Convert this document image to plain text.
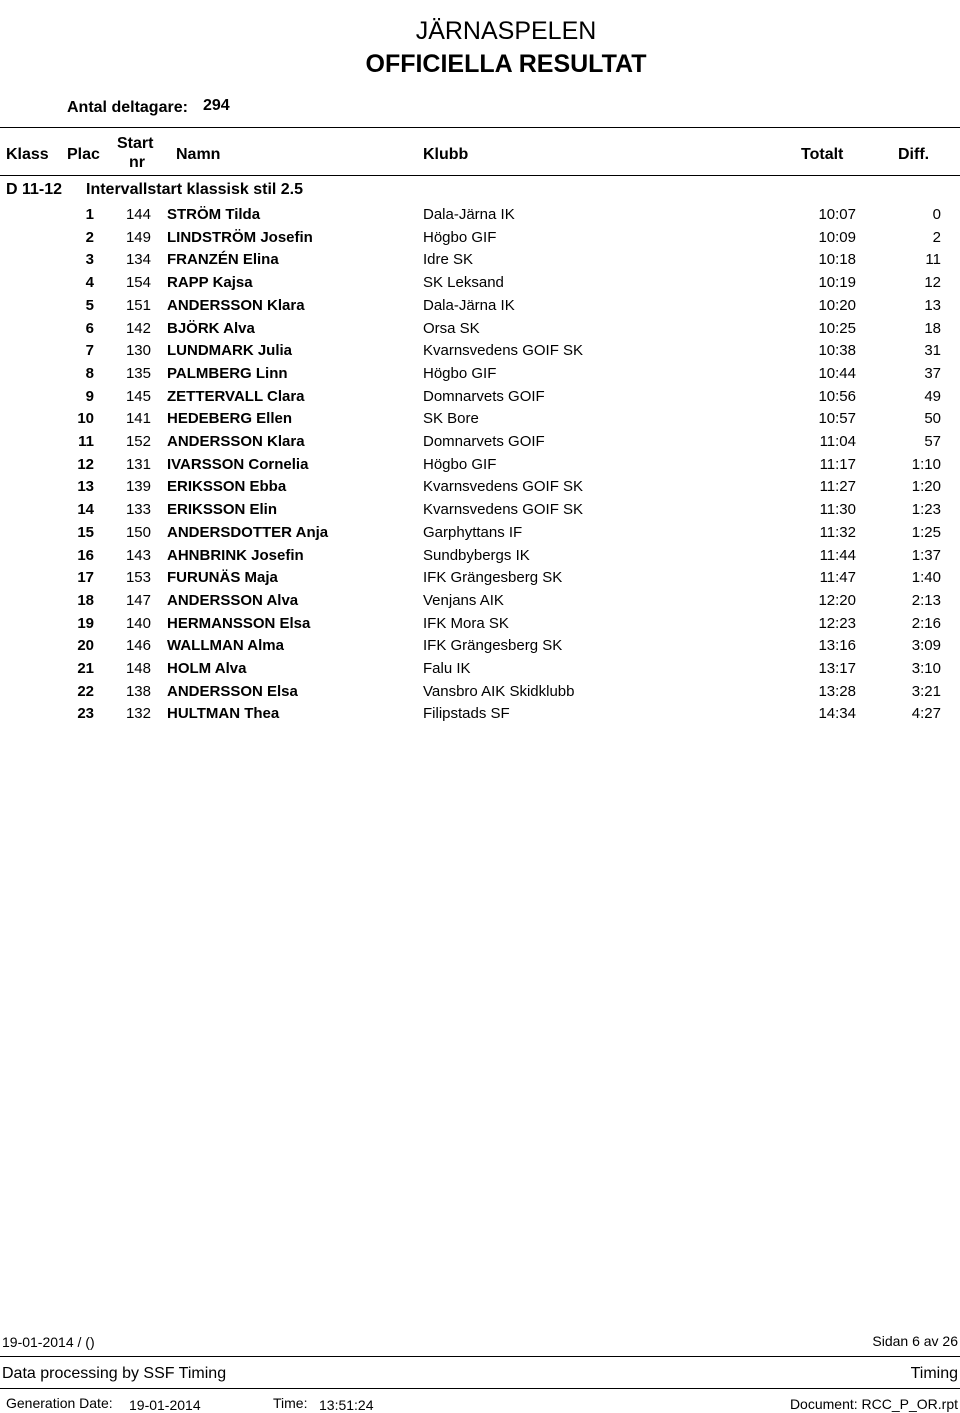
JÄRNASPELEN
OFFICIELLA RESULTAT
Antal deltagare: 294
Klass Plac
Start
nr Namn	Klubb	Totalt	Diff.
D 11-12 Intervallstart klassisk stil 2.5
1	144 STRÖM Tilda	Dala-Järna IK	10:07	0
2	149 LINDSTRÖM Josefin	Högbo GIF	10:09	2
3	134 FRANZÉN Elina	Idre SK	10:18	11
4	154 RAPP Kajsa	SK Leksand	10:19	12
5	151 ANDERSSON Klara	Dala-Järna IK	10:20	13
6	142 BJÖRK Alva	Orsa SK	10:25	18
7	130 LUNDMARK Julia	Kvarnsvedens GOIF SK	10:38	31
8	135 PALMBERG Linn	Högbo GIF	10:44	37
9	145 ZETTERVALL Clara	Domnarvets GOIF	10:56	49
10	141 HEDEBERG Ellen	SK Bore	10:57	50
11	152 ANDERSSON Klara	Domnarvets GOIF	11:04	57
12	131 IVARSSON Cornelia	Högbo GIF	11:17	1:10
13	139 ERIKSSON Ebba	Kvarnsvedens GOIF SK	11:27	1:20
14	133 ERIKSSON Elin	Kvarnsvedens GOIF SK	11:30	1:23
15	150 ANDERSDOTTER Anja	Garphyttans IF	11:32	1:25
16	143 AHNBRINK Josefin	Sundbybergs IK	11:44	1:37
17	153 FURUNÄS Maja	IFK Grängesberg SK	11:47	1:40
18	147 ANDERSSON Alva	Venjans AIK	12:20	2:13
19	140 HERMANSSON Elsa	IFK Mora SK	12:23	2:16
20	146 WALLMAN Alma	IFK Grängesberg SK	13:16	3:09
21	148 HOLM Alva	Falu IK	13:17	3:10
22	138 ANDERSSON Elsa	Vansbro AIK Skidklubb	13:28	3:21
23	132 HULTMAN Thea	Filipstads SF	14:34	4:27
19-01-2014 / ()	Sidan 6 av 26
Data processing by SSF Timing	Timing
Generation Date: 19-01-2014	Time: 13:51:24	Document: RCC_P_OR.rpt
